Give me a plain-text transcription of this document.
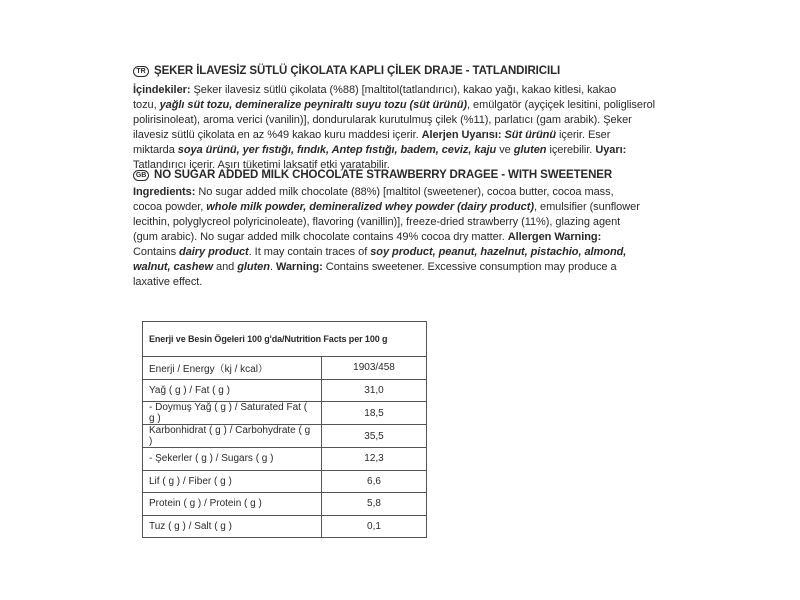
TR ŞEKER İLAVESİZ SÜTLÜ ÇİKOLATA KAPLI ÇİLEK DRAJE - TATLANDIRICILI
İçindekiler: Şeker ilavesiz sütlü çikolata (%88) [maltitol(tatlandırıcı), kakao yağı, kakao kitlesi, kakao
tozu, yağlı süt tozu, demineralize peyniraltı suyu tozu (süt ürünü), emülgatör (ayçiçek lesitini, poligliserol
polirisinoleat), aroma verici (vanilin)], dondurularak kurutulmuş çilek (%11), parlatıcı (gam arabik). Şeker
ilavesiz sütlü çikolata en az %49 kakao kuru maddesi içerir. Alerjen Uyarısı: Süt ürünü içerir. Eser
miktarda soya ürünü, yer fıstığı, fındık, Antep fıstığı, badem, ceviz, kaju ve gluten içerebilir. Uyarı:
Tatlandırıcı içerir. Aşırı tüketimi laksatif etki yaratabilir.
GB NO SUGAR ADDED MILK CHOCOLATE STRAWBERRY DRAGEE - WITH SWEETENER
Ingredients: No sugar added milk chocolate (88%) [maltitol (sweetener), cocoa butter, cocoa mass,
cocoa powder, whole milk powder, demineralized whey powder (dairy product), emulsifier (sunflower
lecithin, polyglycreol polyricinoleate), flavoring (vanillin)], freeze-dried strawberry (11%), glazing agent
(gum arabic). No sugar added milk chocolate contains 49% cocoa dry matter. Allergen Warning:
Contains dairy product. It may contain traces of soy product, peanut, hazelnut, pistachio, almond,
walnut, cashew and gluten. Warning: Contains sweetener. Excessive consumption may produce a
laxative effect.
Enerji ve Besin Ögeleri 100 g'da/Nutrition Facts per 100 g	
Enerji / Energy（kj / kcal）	1903/458
Yağ ( g ) / Fat ( g )	31,0
- Doymuş Yağ ( g ) / Saturated Fat ( g )	18,5
Karbonhidrat ( g ) / Carbohydrate ( g )	35,5
- Şekerler ( g ) / Sugars ( g )	12,3
Lif ( g ) / Fiber ( g )	6,6
Protein ( g ) / Protein ( g )	5,8
Tuz ( g ) / Salt ( g )	0,1
